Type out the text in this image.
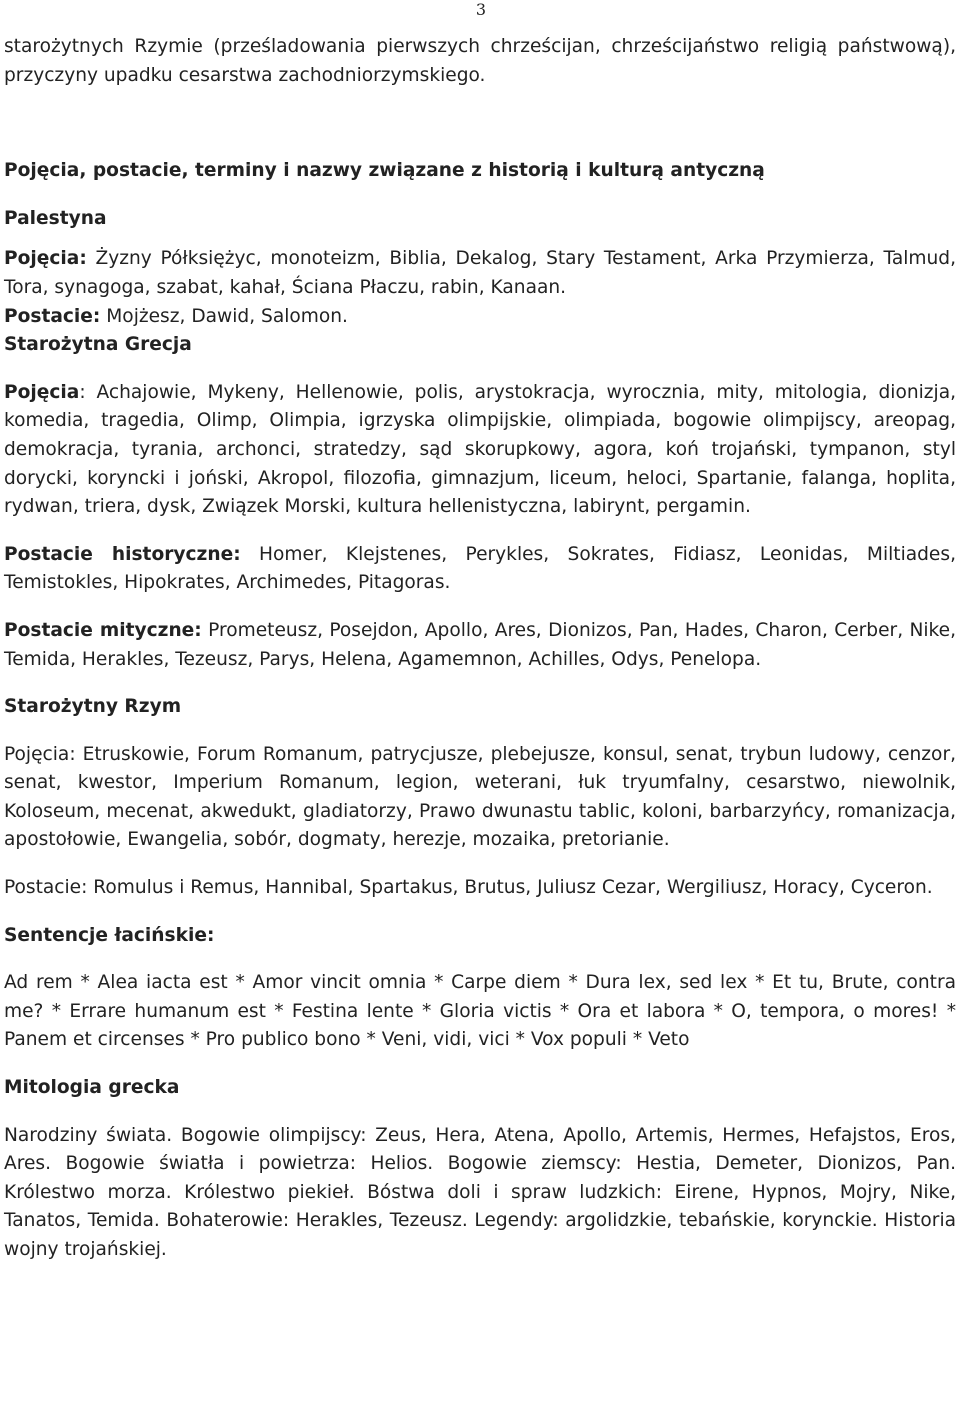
3

starożytnych Rzymie (prześladowania pierwszych chrześcijan, chrześcijaństwo religią państwową), przyczyny upadku cesarstwa zachodniorzymskiego.

Pojęcia, postacie, terminy i nazwy związane z historią i kulturą antyczną

Palestyna

Pojęcia: Żyzny Półksiężyc, monoteizm, Biblia, Dekalog, Stary Testament, Arka Przymierza, Talmud, Tora, synagoga, szabat, kahał, Ściana Płaczu, rabin, Kanaan.

Postacie: Mojżesz, Dawid, Salomon.

Starożytna Grecja

Pojęcia: Achajowie, Mykeny, Hellenowie, polis, arystokracja, wyrocznia, mity, mitologia, dionizja, komedia, tragedia, Olimp, Olimpia, igrzyska olimpijskie, olimpiada, bogowie olimpijscy, areopag, demokracja, tyrania, archonci, stratedzy, sąd skorupkowy, agora, koń trojański, tympanon, styl dorycki, koryncki i joński, Akropol, filozofia, gimnazjum, liceum, heloci, Spartanie, falanga, hoplita, rydwan, triera, dysk, Związek Morski, kultura hellenistyczna, labirynt, pergamin.

Postacie historyczne: Homer, Klejstenes, Perykles, Sokrates, Fidiasz, Leonidas, Miltiades, Temistokles, Hipokrates, Archimedes, Pitagoras.

Postacie mityczne: Prometeusz, Posejdon, Apollo, Ares, Dionizos, Pan, Hades, Charon, Cerber, Nike, Temida, Herakles, Tezeusz, Parys, Helena, Agamemnon, Achilles, Odys, Penelopa.

Starożytny Rzym

Pojęcia: Etruskowie, Forum Romanum, patrycjusze, plebejusze, konsul, senat, trybun ludowy, cenzor, senat, kwestor, Imperium Romanum, legion, weterani, łuk tryumfalny, cesarstwo, niewolnik, Koloseum, mecenat, akwedukt, gladiatorzy, Prawo dwunastu tablic, koloni, barbarzyńcy, romanizacja, apostołowie, Ewangelia, sobór, dogmaty, herezje, mozaika, pretorianie.

Postacie: Romulus i Remus, Hannibal, Spartakus, Brutus, Juliusz Cezar, Wergiliusz, Horacy, Cyceron.

Sentencje łacińskie:

Ad rem * Alea iacta est * Amor vincit omnia * Carpe diem * Dura lex, sed lex * Et tu, Brute, contra me? * Errare humanum est * Festina lente * Gloria victis * Ora et labora * O, tempora, o mores! * Panem et circenses * Pro publico bono * Veni, vidi, vici * Vox populi * Veto

Mitologia grecka

Narodziny świata. Bogowie olimpijscy: Zeus, Hera, Atena, Apollo, Artemis, Hermes, Hefajstos, Eros, Ares. Bogowie światła i powietrza: Helios. Bogowie ziemscy: Hestia, Demeter, Dionizos, Pan. Królestwo morza. Królestwo piekieł. Bóstwa doli i spraw ludzkich: Eirene, Hypnos, Mojry, Nike, Tanatos, Temida. Bohaterowie: Herakles, Tezeusz. Legendy: argolidzkie, tebańskie, korynckie. Historia wojny trojańskiej.
